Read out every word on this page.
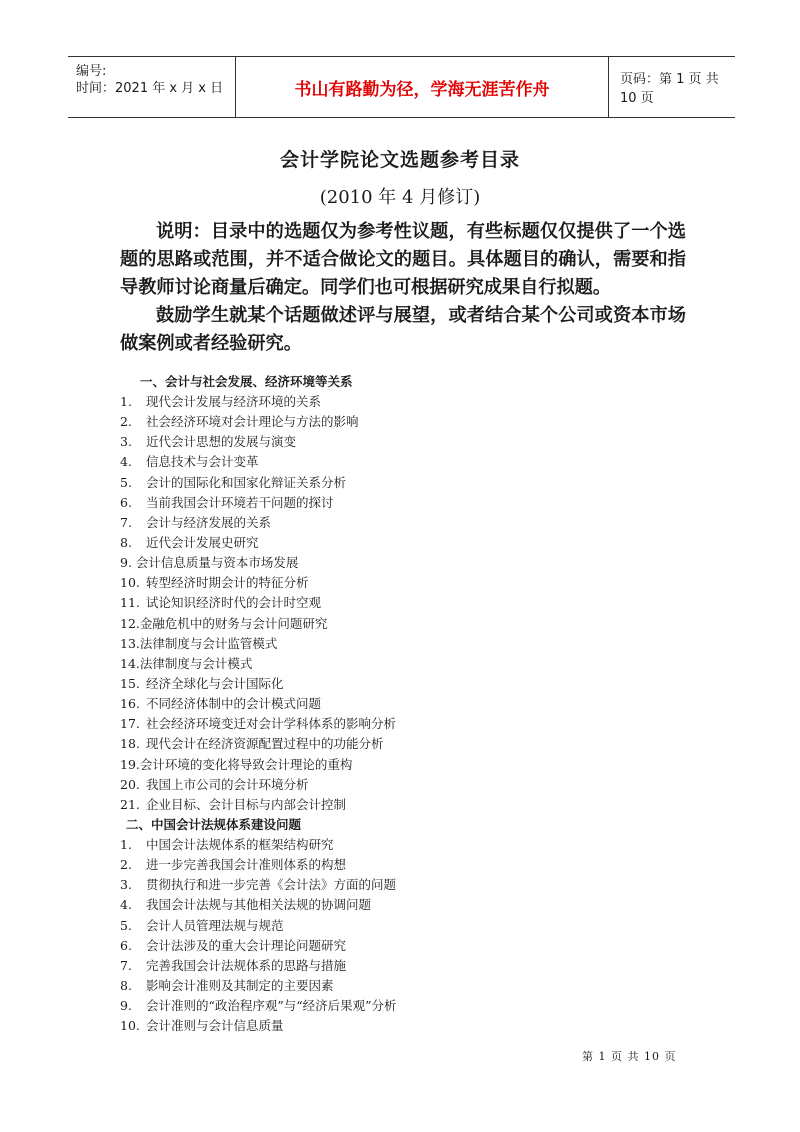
编号:
时间：2021 年 x 月 x 日	书山有路勤为径，学海无涯苦作舟	页码：第 1 页 共 10 页
会计学院论文选题参考目录
(2010 年 4 月修订)

说明：目录中的选题仅为参考性议题，有些标题仅仅提供了一个选题的思路或范围，并不适合做论文的题目。具体题目的确认，需要和指导教师讨论商量后确定。同学们也可根据研究成果自行拟题。

鼓励学生就某个话题做述评与展望，或者结合某个公司或资本市场做案例或者经验研究。

一、会计与社会发展、经济环境等关系
1. 现代会计发展与经济环境的关系
2. 社会经济环境对会计理论与方法的影响
3. 近代会计思想的发展与演变
4. 信息技术与会计变革
5. 会计的国际化和国家化辩证关系分析
6. 当前我国会计环境若干问题的探讨
7. 会计与经济发展的关系
8. 近代会计发展史研究
9. 会计信息质量与资本市场发展
10. 转型经济时期会计的特征分析
11. 试论知识经济时代的会计时空观
12.金融危机中的财务与会计问题研究
13.法律制度与会计监管模式
14.法律制度与会计模式
15. 经济全球化与会计国际化
16. 不同经济体制中的会计模式问题
17. 社会经济环境变迁对会计学科体系的影响分析
18. 现代会计在经济资源配置过程中的功能分析
19.会计环境的变化将导致会计理论的重构
20. 我国上市公司的会计环境分析
21. 企业目标、会计目标与内部会计控制
二、中国会计法规体系建设问题
1. 中国会计法规体系的框架结构研究
2. 进一步完善我国会计准则体系的构想
3. 贯彻执行和进一步完善《会计法》方面的问题
4. 我国会计法规与其他相关法规的协调问题
5. 会计人员管理法规与规范
6. 会计法涉及的重大会计理论问题研究
7. 完善我国会计法规体系的思路与措施
8. 影响会计准则及其制定的主要因素
9. 会计准则的“政治程序观”与“经济后果观”分析
10. 会计准则与会计信息质量
第 1 页 共 10 页
